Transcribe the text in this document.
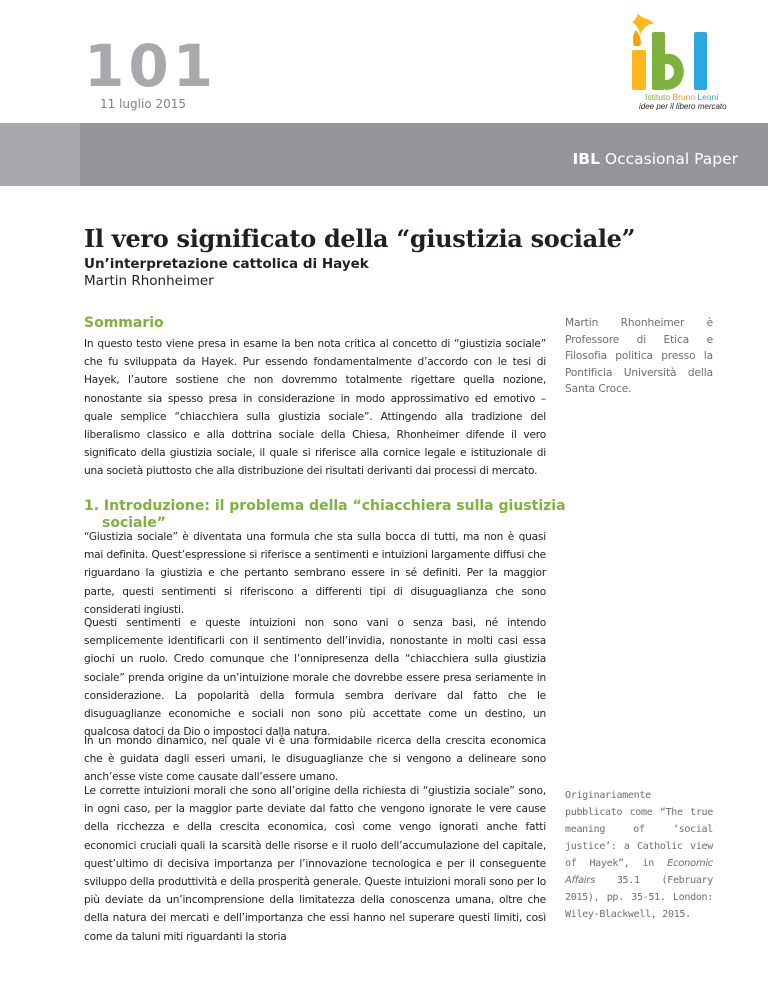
101
11 luglio 2015	Istituto Bruno Leoni
idee per il libero mercato
IBL Occasional Paper
Il vero significato della “giustizia sociale”
Un’interpretazione cattolica di Hayek
Martin Rhonheimer
Sommario
In questo testo viene presa in esame la ben nota critica al concetto di “giustizia sociale” che fu sviluppata da Hayek. Pur essendo fondamentalmente d’accordo con le tesi di Hayek, l’autore sostiene che non dovremmo totalmente rigettare quella nozione, nonostante sia spesso presa in considerazione in modo approssimativo ed emotivo – quale semplice “chiacchiera sulla giustizia sociale”. Attingendo alla tradizione del liberalismo classico e alla dottrina sociale della Chiesa, Rhonheimer difende il vero significato della giustizia sociale, il quale si riferisce alla cornice legale e istituzionale di una società piuttosto che alla distribuzione dei risultati derivanti dai processi di mercato.
Martin Rhonheimer è Professore di Etica e Filosofia politica presso la Pontificia Università della Santa Croce.
Originariamente pubblicato come “The true meaning of ‘social justice’: a Catholic view of Hayek”, in Economic Affairs 35.1 (February 2015), pp. 35-51. London: Wiley-Blackwell, 2015.
1. Introduzione: il problema della “chiacchiera sulla giustizia sociale”
“Giustizia sociale” è diventata una formula che sta sulla bocca di tutti, ma non è quasi mai definita. Quest’espressione si riferisce a sentimenti e intuizioni largamente diffusi che riguardano la giustizia e che pertanto sembrano essere in sé definiti. Per la maggior parte, questi sentimenti si riferiscono a differenti tipi di disuguaglianza che sono considerati ingiusti.
Questi sentimenti e queste intuizioni non sono vani o senza basi, né intendo semplicemente identificarli con il sentimento dell’invidia, nonostante in molti casi essa giochi un ruolo. Credo comunque che l’onnipresenza della “chiacchiera sulla giustizia sociale” prenda origine da un’intuizione morale che dovrebbe essere presa seriamente in considerazione. La popolarità della formula sembra derivare dal fatto che le disuguaglianze economiche e sociali non sono più accettate come un destino, un qualcosa datoci da Dio o impostoci dalla natura.
In un mondo dinamico, nel quale vi è una formidabile ricerca della crescita economica che è guidata dagli esseri umani, le disuguaglianze che si vengono a delineare sono anch’esse viste come causate dall’essere umano.
Le corrette intuizioni morali che sono all’origine della richiesta di “giustizia sociale” sono, in ogni caso, per la maggior parte deviate dal fatto che vengono ignorate le vere cause della ricchezza e della crescita economica, così come vengo ignorati anche fatti economici cruciali quali la scarsità delle risorse e il ruolo dell’accumulazione del capitale, quest’ultimo di decisiva importanza per l’innovazione tecnologica e per il conseguente sviluppo della produttività e della prosperità generale. Queste intuizioni morali sono per lo più deviate da un’incomprensione della limitatezza della conoscenza umana, oltre che della natura dei mercati e dell’importanza che essi hanno nel superare questi limiti, così come da taluni miti riguardanti la storia
